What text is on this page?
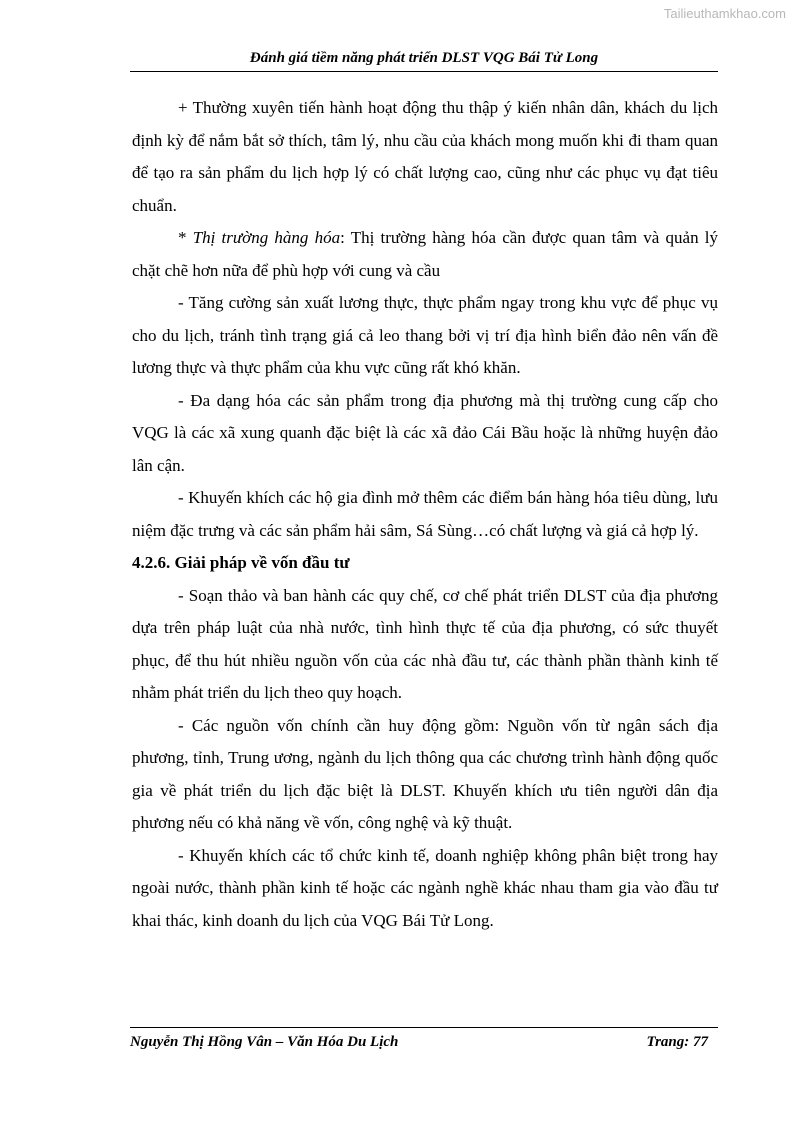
Tailieuthamkhao.com
Đánh giá tiềm năng phát triển DLST VQG Bái Tử Long

+ Thường xuyên tiến hành hoạt động thu thập ý kiến nhân dân, khách du lịch định kỳ để nắm bắt sở thích, tâm lý, nhu cầu của khách mong muốn khi đi tham quan để tạo ra sản phẩm du lịch hợp lý có chất lượng cao, cũng như các phục vụ đạt tiêu chuẩn.

* Thị trường hàng hóa: Thị trường hàng hóa cần được quan tâm và quản lý chặt chẽ hơn nữa để phù hợp với cung và cầu

- Tăng cường sản xuất lương thực, thực phẩm ngay trong khu vực để phục vụ cho du lịch, tránh tình trạng giá cả leo thang bởi vị trí địa hình biển đảo nên vấn đề lương thực và thực phẩm của khu vực cũng rất khó khăn.

- Đa dạng hóa các sản phẩm trong địa phương mà thị trường cung cấp cho VQG là các xã xung quanh đặc biệt là các xã đảo Cái Bầu hoặc là những huyện đảo lân cận.

- Khuyến khích các hộ gia đình mở thêm các điểm bán hàng hóa tiêu dùng, lưu niệm đặc trưng và các sản phẩm hải sâm, Sá Sùng…có chất lượng và giá cả hợp lý.

4.2.6. Giải pháp về vốn đầu tư

- Soạn thảo và ban hành các quy chế, cơ chế phát triển DLST của địa phương dựa trên pháp luật của nhà nước, tình hình thực tế của địa phương, có sức thuyết phục, để thu hút nhiều nguồn vốn của các nhà đầu tư, các thành phần thành kinh tế nhằm phát triển du lịch theo quy hoạch.

- Các nguồn vốn chính cần huy động gồm: Nguồn vốn từ ngân sách địa phương, tỉnh, Trung ương, ngành du lịch thông qua các chương trình hành động quốc gia về phát triển du lịch đặc biệt là DLST. Khuyến khích ưu tiên người dân địa phương nếu có khả năng về vốn, công nghệ và kỹ thuật.

- Khuyến khích các tổ chức kinh tế, doanh nghiệp không phân biệt trong hay ngoài nước, thành phần kinh tế hoặc các ngành nghề khác nhau tham gia vào đầu tư khai thác, kinh doanh du lịch của VQG Bái Tử Long.

Nguyễn Thị Hồng Vân – Văn Hóa Du Lịch	Trang: 77
